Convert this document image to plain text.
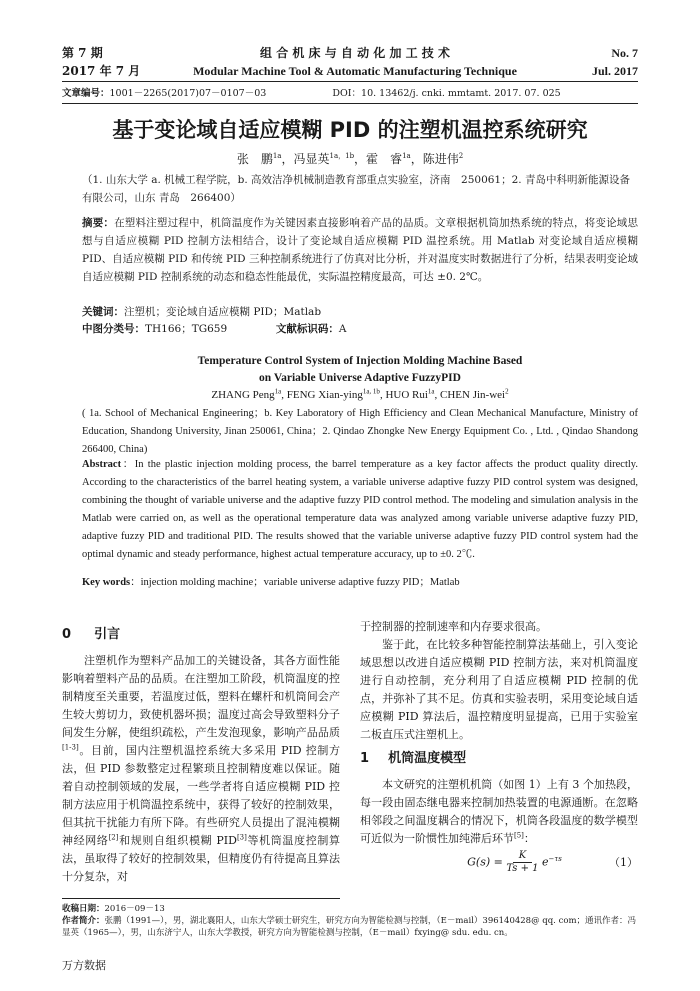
第 7 期
2017 年 7 月
组 合 机 床 与 自 动 化 加 工 技 术
Modular Machine Tool & Automatic Manufacturing Technique
No. 7
Jul. 2017
文章编号：1001－2265(2017)07－0107－03	DOI：10. 13462/j. cnki. mmtamt. 2017. 07. 025
基于变论域自适应模糊 PID 的注塑机温控系统研究
张　鹏$^{1a}$，冯显英$^{1a,1b}$，霍　睿$^{1a}$，陈进伟$^2$
（1. 山东大学 a. 机械工程学院，b. 高效洁净机械制造教育部重点实验室，济南　250061；2. 青岛中科明新能源设备有限公司，山东 青岛　266400）
摘要：在塑料注塑过程中，机筒温度作为关键因素直接影响着产品的品质。文章根据机筒加热系统的特点，将变论域思想与自适应模糊 PID 控制方法相结合，设计了变论域自适应模糊 PID 温控系统。用 Matlab 对变论域自适应模糊 PID、自适应模糊 PID 和传统 PID 三种控制系统进行了仿真对比分析，并对温度实时数据进行了分析，结果表明变论域自适应模糊 PID 控制系统的动态和稳态性能最优，实际温控精度最高，可达 ±0. 2℃。
关键词：注塑机；变论域自适应模糊 PID；Matlab
中图分类号：TH166；TG659	文献标识码：A
Temperature Control System of Injection Molding Machine Based
on Variable Universe Adaptive FuzzyPID
ZHANG Peng$^{1a}$, FENG Xian-ying$^{1a, 1b}$, HUO Rui$^{1a}$, CHEN Jin-wei$^2$
( 1a. School of Mechanical Engineering；b. Key Laboratory of High Efficiency and Clean Mechanical Manufacture, Ministry of Education, Shandong University, Jinan 250061, China；2. Qindao Zhongke New Energy Equipment Co. , Ltd. , Qindao Shandong 266400, China)
Abstract：In the plastic injection molding process, the barrel temperature as a key factor affects the product quality directly. According to the characteristics of the barrel heating system, a variable universe adaptive fuzzy PID control system was designed, combining the thought of variable universe and the adaptive fuzzy PID control method. The modeling and simulation analysis in the Matlab were carried on, as well as the operational temperature data was analyzed among variable universe adaptive fuzzy PID, adaptive fuzzy PID and traditional PID. The results showed that the variable universe adaptive fuzzy PID control system had the optimal dynamic and steady performance, highest actual temperature accuracy, up to ±0. 2℃.
Key words：injection molding machine；variable universe adaptive fuzzy PID；Matlab
0 引言

注塑机作为塑料产品加工的关键设备，其各方面性能影响着塑料产品的品质。在注塑加工阶段，机筒温度的控制精度至关重要，若温度过低，塑料在螺杆和机筒间会产生较大剪切力，致使机器坏损；温度过高会导致塑料分子间发生分解，使组织疏松，产生发泡现象，影响产品品质[1-3]。目前，国内注塑机温控系统大多采用 PID 控制方法，但 PID 参数整定过程繁琐且控制精度难以保证。随着自动控制领域的发展，一些学者将自适应模糊 PID 控制方法应用于机筒温控系统中，获得了较好的控制效果，但其抗干扰能力有所下降。有些研究人员提出了混沌模糊神经网络[2]和规则自组织模糊 PID[3]等机筒温度控制算法，虽取得了较好的控制效果，但精度仍有待提高且算法十分复杂，对

于控制器的控制速率和内存要求很高。

鉴于此，在比较多种智能控制算法基础上，引入变论域思想以改进自适应模糊 PID 控制方法，来对机筒温度进行自动控制，充分利用了自适应模糊 PID 控制的优点，并弥补了其不足。仿真和实验表明，采用变论域自适应模糊 PID 算法后，温控精度明显提高，已用于实验室二板直压式注塑机上。

1 机筒温度模型

本文研究的注塑机机筒（如图 1）上有 3 个加热段，每一段由固态继电器来控制加热装置的电源通断。在忽略相邻段之间温度耦合的情况下，机筒各段温度的数学模型可近似为一阶惯性加纯滞后环节[5]：

$G(s) = \frac{K}{Ts + 1} e^{-\tau s}$	（1）
收稿日期：2016－09－13
作者简介：张鹏（1991—），男，湖北襄阳人，山东大学硕士研究生，研究方向为智能检测与控制，（E－mail）396140428@ qq. com；通讯作者：冯显英（1965—），男，山东济宁人，山东大学教授，研究方向为智能检测与控制，（E－mail）fxying@ sdu. edu. cn。
万方数据
